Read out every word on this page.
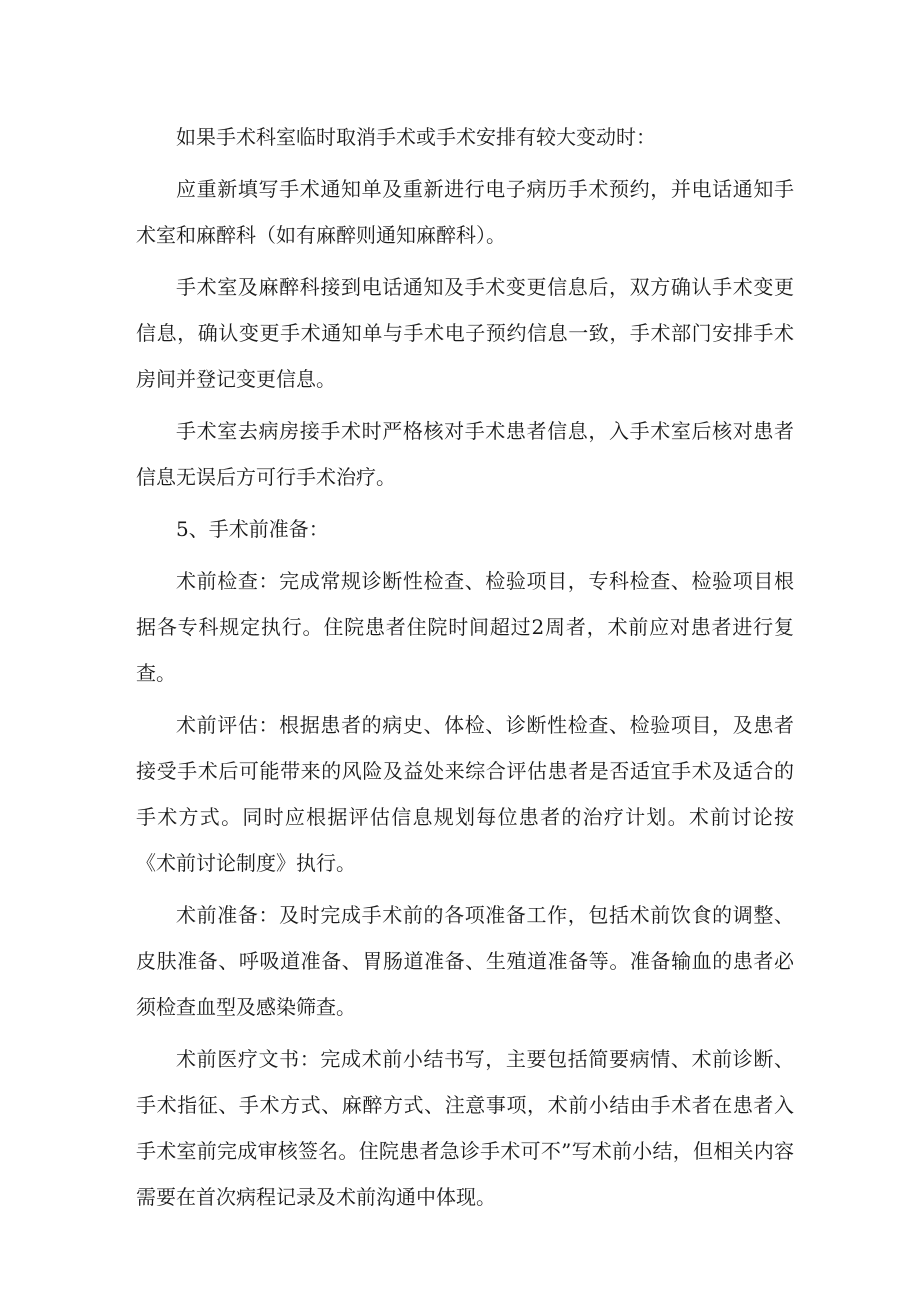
如果手术科室临时取消手术或手术安排有较大变动时：

应重新填写手术通知单及重新进行电子病历手术预约，并电话通知手术室和麻醉科（如有麻醉则通知麻醉科）。

手术室及麻醉科接到电话通知及手术变更信息后，双方确认手术变更信息，确认变更手术通知单与手术电子预约信息一致，手术部门安排手术房间并登记变更信息。

手术室去病房接手术时严格核对手术患者信息，入手术室后核对患者信息无误后方可行手术治疗。

5、手术前准备：

术前检查：完成常规诊断性检查、检验项目，专科检查、检验项目根据各专科规定执行。住院患者住院时间超过2周者，术前应对患者进行复查。

术前评估：根据患者的病史、体检、诊断性检查、检验项目，及患者接受手术后可能带来的风险及益处来综合评估患者是否适宜手术及适合的手术方式。同时应根据评估信息规划每位患者的治疗计划。术前讨论按《术前讨论制度》执行。

术前准备：及时完成手术前的各项准备工作，包括术前饮食的调整、皮肤准备、呼吸道准备、胃肠道准备、生殖道准备等。准备输血的患者必须检查血型及感染筛查。

术前医疗文书：完成术前小结书写，主要包括简要病情、术前诊断、手术指征、手术方式、麻醉方式、注意事项，术前小结由手术者在患者入手术室前完成审核签名。住院患者急诊手术可不”写术前小结，但相关内容需要在首次病程记录及术前沟通中体现。
